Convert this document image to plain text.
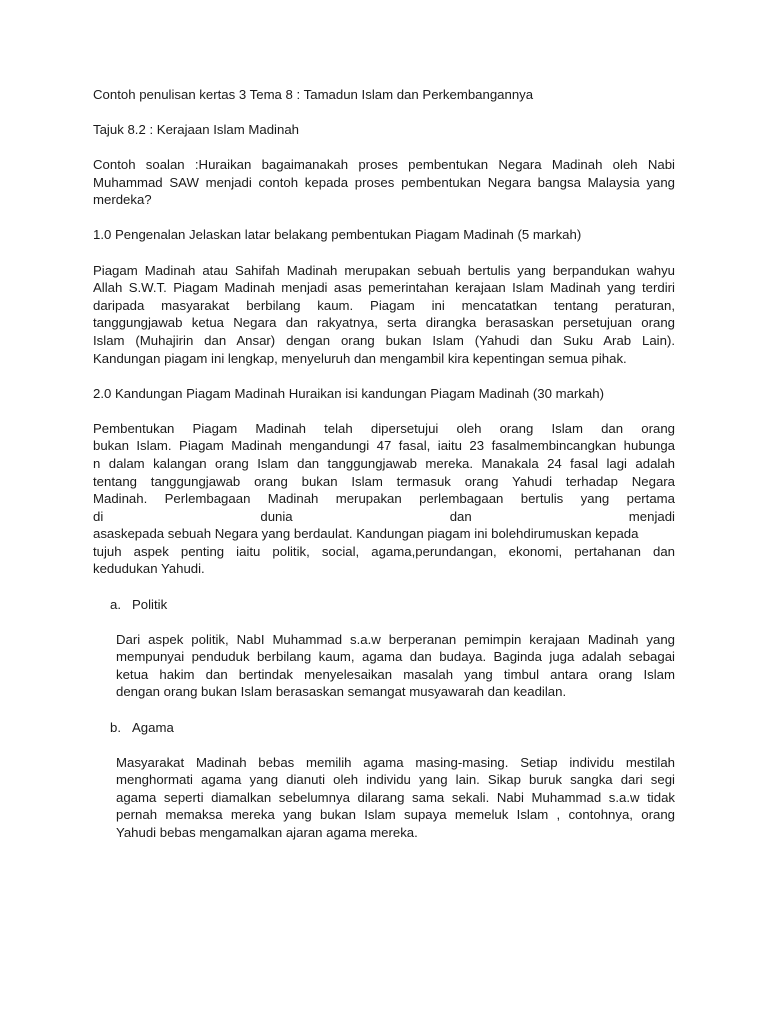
Contoh penulisan kertas 3 Tema 8 : Tamadun Islam dan Perkembangannya
Tajuk 8.2 : Kerajaan Islam Madinah
Contoh soalan :Huraikan bagaimanakah proses pembentukan Negara Madinah oleh Nabi
Muhammad SAW menjadi contoh kepada proses pembentukan Negara bangsa Malaysia yang
merdeka?
1.0 Pengenalan Jelaskan latar belakang pembentukan Piagam Madinah (5 markah)
Piagam Madinah atau Sahifah Madinah merupakan sebuah bertulis yang berpandukan wahyu
Allah S.W.T. Piagam Madinah menjadi asas pemerintahan kerajaan Islam Madinah yang terdiri
daripada masyarakat berbilang kaum. Piagam ini mencatatkan tentang peraturan,
tanggungjawab ketua Negara dan rakyatnya, serta dirangka berasaskan persetujuan orang
Islam (Muhajirin dan Ansar) dengan orang bukan Islam (Yahudi dan Suku Arab Lain).
Kandungan piagam ini lengkap, menyeluruh dan mengambil kira kepentingan semua pihak.
2.0 Kandungan Piagam Madinah Huraikan isi kandungan Piagam Madinah (30 markah)
Pembentukan Piagam Madinah telah dipersetujui oleh orang Islam dan orang
bukan Islam. Piagam Madinah mengandungi 47 fasal, iaitu 23 fasalmembincangkan hubunga
n dalam kalangan orang Islam dan tanggungjawab mereka. Manakala 24 fasal lagi adalah
tentang tanggungjawab orang bukan Islam termasuk orang Yahudi terhadap Negara
Madinah. Perlembagaan Madinah merupakan perlembagaan bertulis yang pertama
di dunia dan menjadi
asaskepada sebuah Negara yang berdaulat. Kandungan piagam ini bolehdirumuskan kepada
tujuh aspek penting iaitu politik, social, agama,perundangan, ekonomi, pertahanan dan
kedudukan Yahudi.
a. Politik
Dari aspek politik, NabI Muhammad s.a.w berperanan pemimpin kerajaan Madinah yang
mempunyai penduduk berbilang kaum, agama dan budaya. Baginda juga adalah sebagai
ketua hakim dan bertindak menyelesaikan masalah yang timbul antara orang Islam
dengan orang bukan Islam berasaskan semangat musyawarah dan keadilan.
b. Agama
Masyarakat Madinah bebas memilih agama masing-masing. Setiap individu mestilah
menghormati agama yang dianuti oleh individu yang lain. Sikap buruk sangka dari segi
agama seperti diamalkan sebelumnya dilarang sama sekali. Nabi Muhammad s.a.w tidak
pernah memaksa mereka yang bukan Islam supaya memeluk Islam , contohnya, orang
Yahudi bebas mengamalkan ajaran agama mereka.
